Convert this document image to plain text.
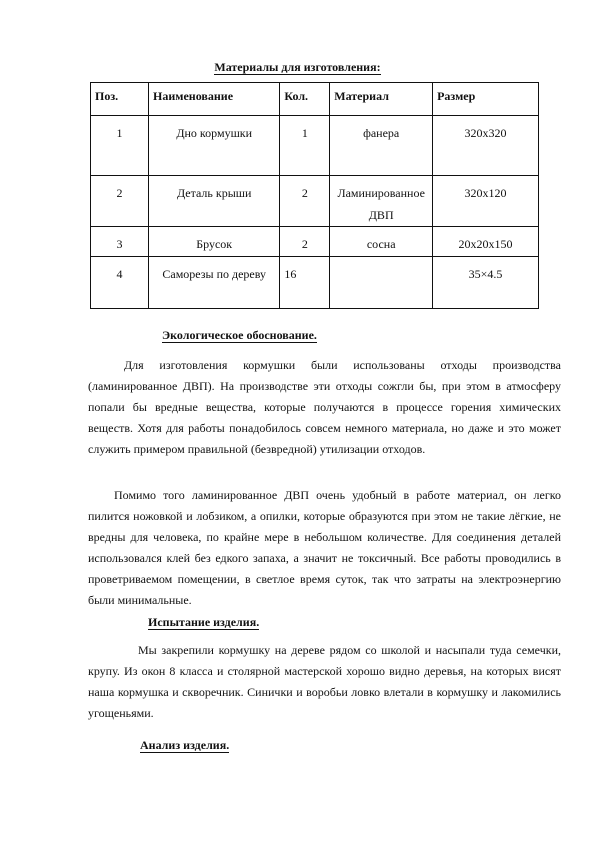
Материалы для изготовления:
Поз.	Наименование	Кол.	Материал	Размер
1	Дно кормушки	1	фанера	320х320
2	Деталь крыши	2	Ламинированное ДВП	320х120
3	Брусок	2	сосна	20х20х150
4	Саморезы по дереву	16		35×4.5
Экологическое обоснование.
Для изготовления кормушки были использованы отходы производства (ламинированное ДВП). На производстве эти отходы сожгли бы, при этом в атмосферу попали бы вредные вещества, которые получаются в процессе горения химических веществ. Хотя для работы понадобилось совсем немного материала, но даже и это может служить примером правильной (безвредной) утилизации отходов.
Помимо того ламинированное ДВП очень удобный в работе материал, он легко пилится ножовкой и лобзиком, а опилки, которые образуются при этом не такие лёгкие, не вредны для человека, по крайне мере в небольшом количестве. Для соединения деталей использовался клей без едкого запаха, а значит не токсичный. Все работы проводились в проветриваемом помещении, в светлое время суток, так что затраты на электроэнергию были минимальные.
Испытание изделия.
Мы закрепили кормушку на дереве рядом со школой и насыпали туда семечки, крупу. Из окон 8 класса и столярной мастерской хорошо видно деревья, на которых висят наша кормушка и скворечник. Синички и воробьи ловко влетали в кормушку и лакомились угощеньями.
Анализ изделия.
